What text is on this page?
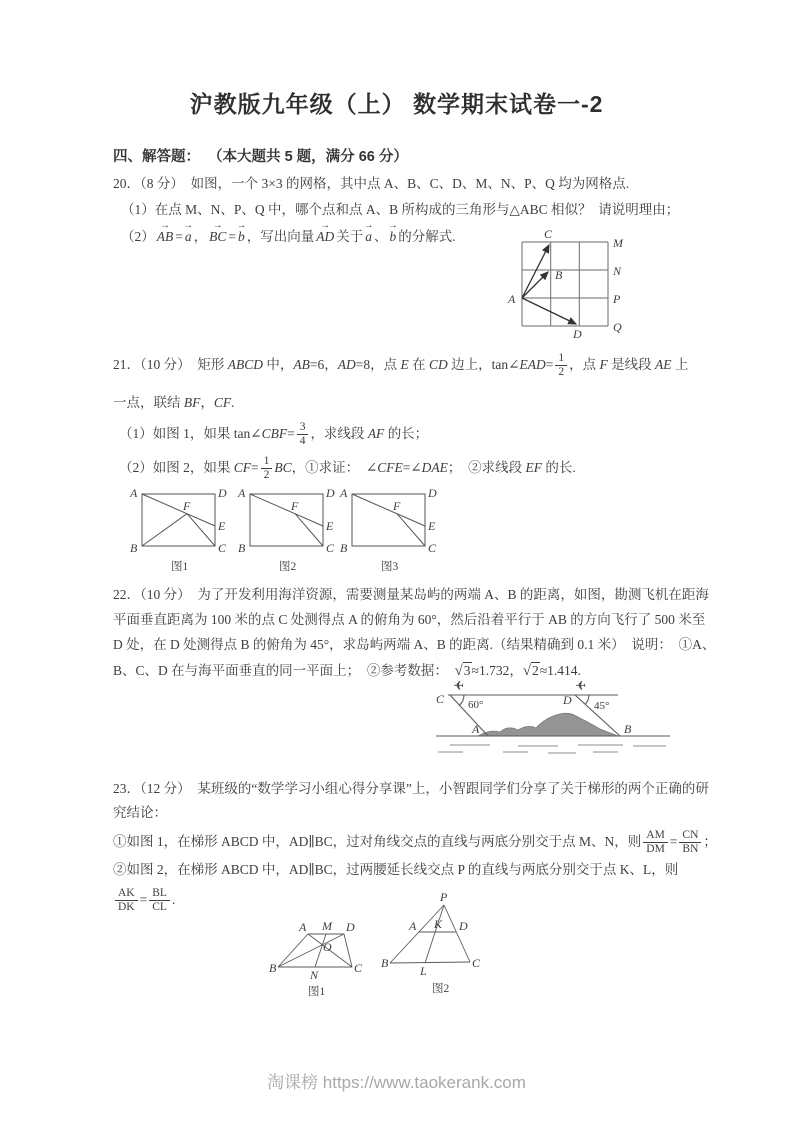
沪教版九年级（上） 数学期末试卷一-2
四、解答题：  （本大题共 5 题，满分 66 分）
20．（8 分）  如图，一个 3×3 的网格，其中点 A、B、C、D、M、N、P、Q 均为网格点.
（1）在点 M、N、P、Q 中，哪个点和点 A、B 所构成的三角形与△ABC 相似？  请说明理由；
（2）
→
AB =
→
a ，
→
BC =
→
b ，写出向量
→
AD 关于
→
a 、
→
b 的分解式.	C
M
N
P
Q
A
B
D
21．（10 分）  矩形 ABCD 中， AB =6， AD =8，点 E 在 CD 边上，tan∠ EAD = $\frac{1}{2}$ ，点 F 是线段 AE 上
一点，联结 BF ， CF .
（1）如图 1，如果 tan∠ CBF = $\frac{3}{4}$ ，求线段 AF 的长；
（2）如图 2，如果 CF = $\frac{1}{2}$ BC ，①求证：  ∠ CFE =∠ DAE ；  ②求线段 EF 的长.
A	D
B	C
E
F
图1
A	D
B	C
E
F
图2
A	D
B	C
E
F
图3
22．（10 分）  为了开发利用海洋资源，需要测量某岛屿的两端 A、B 的距离，如图，勘测飞机在距海
平面垂直距离为 100 米的点 C 处测得点 A 的俯角为 60°，然后沿着平行于 AB 的方向飞行了 500 米至
D 处，在 D 处测得点 B 的俯角为 45°，求岛屿两端 A、B 的距离.（结果精确到 0.1 米）  说明：  ①A、
B、C、D 在与海平面垂直的同一平面上；  ②参考数据： √3 ≈1.732， √2 ≈1.414.
✈	✈
C	D
60°	45°
A	B
23．（12 分）  某班级的“数学学习小组心得分享课”上，小智跟同学们分享了关于梯形的两个正确的研
究结论：
①如图 1，在梯形 ABCD 中，AD∥BC，过对角线交点的直线与两底分别交于点 M、N，则 $\frac{AM}{DM} = \frac{CN}{BN}$ ；
②如图 2，在梯形 ABCD 中，AD∥BC，过两腰延长线交点 P 的直线与两底分别交于点 K、L，则
$\frac{AK}{DK} = \frac{BL}{CL}$ .
A M D
O
B	N	C
图1
P
A K D
B
L
C
图2
淘课榜 https://www.taokerank.com
